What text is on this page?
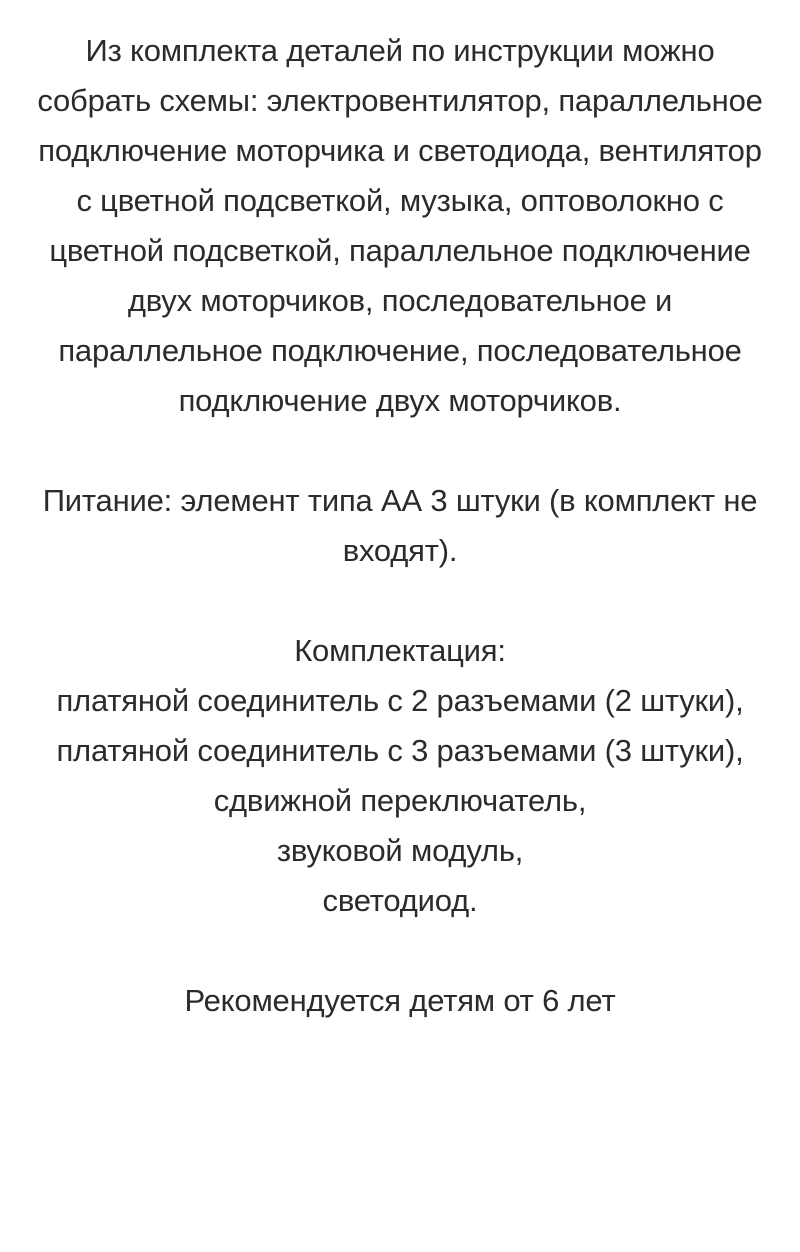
Из комплекта деталей по инструкции можно собрать схемы: электровентилятор, параллельное подключение моторчика и светодиода, вентилятор с цветной подсветкой, музыка, оптоволокно с цветной подсветкой, параллельное подключение двух моторчиков, последовательное и параллельное подключение, последовательное подключение двух моторчиков.

Питание: элемент типа АА 3 штуки (в комплект не входят).

Комплектация:
платяной соединитель с 2 разъемами (2 штуки),
платяной соединитель с 3 разъемами (3 штуки),
сдвижной переключатель,
звуковой модуль,
светодиод.

Рекомендуется детям от 6 лет
